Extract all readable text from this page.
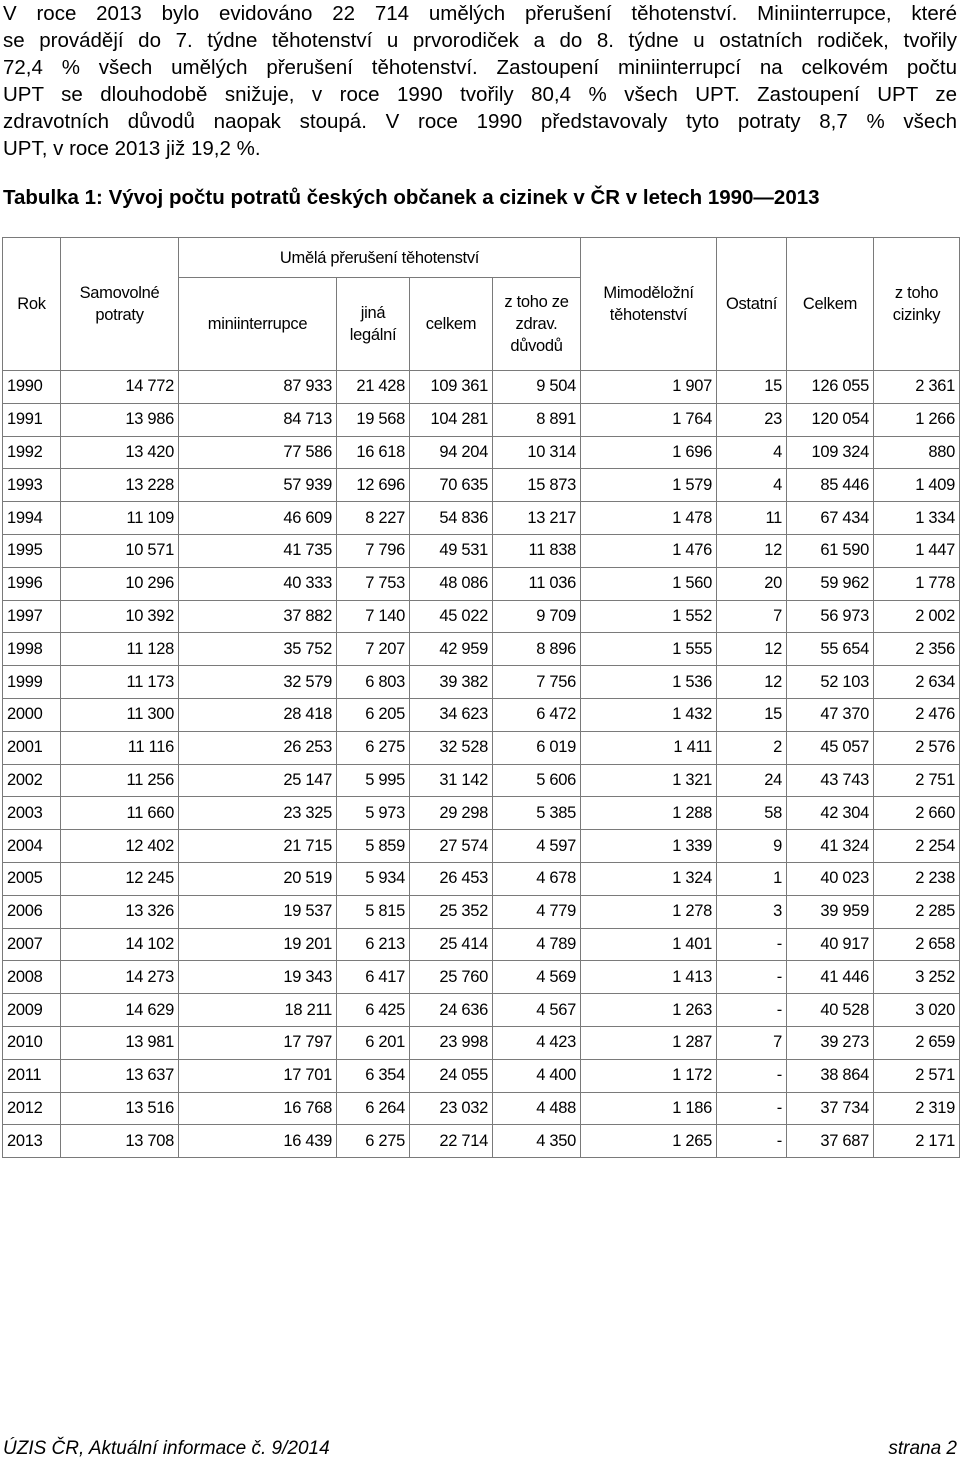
V roce 2013 bylo evidováno 22 714 umělých přerušení těhotenství. Miniinterrupce, které
se provádějí do 7. týdne těhotenství u prvorodiček a do 8. týdne u ostatních rodiček, tvořily
72,4 % všech umělých přerušení těhotenství. Zastoupení miniinterrupcí na celkovém počtu
UPT se dlouhodobě snižuje, v roce 1990 tvořily 80,4 % všech UPT. Zastoupení UPT ze
zdravotních důvodů naopak stoupá. V roce 1990 představovaly tyto potraty 8,7 % všech
UPT, v roce 2013 již 19,2 %.
Tabulka 1: Vývoj počtu potratů českých občanek a cizinek v ČR v letech 1990—2013
Rok	Samovolné potraty	Umělá přerušení těhotenství				Mimoděložní těhotenství	Ostatní	Celkem	z toho cizinky
		miniinterrupce	jiná legální	celkem	z toho ze zdrav. důvodů				
1990	14 772	87 933	21 428	109 361	9 504	1 907	15	126 055	2 361
1991	13 986	84 713	19 568	104 281	8 891	1 764	23	120 054	1 266
1992	13 420	77 586	16 618	94 204	10 314	1 696	4	109 324	880
1993	13 228	57 939	12 696	70 635	15 873	1 579	4	85 446	1 409
1994	11 109	46 609	8 227	54 836	13 217	1 478	11	67 434	1 334
1995	10 571	41 735	7 796	49 531	11 838	1 476	12	61 590	1 447
1996	10 296	40 333	7 753	48 086	11 036	1 560	20	59 962	1 778
1997	10 392	37 882	7 140	45 022	9 709	1 552	7	56 973	2 002
1998	11 128	35 752	7 207	42 959	8 896	1 555	12	55 654	2 356
1999	11 173	32 579	6 803	39 382	7 756	1 536	12	52 103	2 634
2000	11 300	28 418	6 205	34 623	6 472	1 432	15	47 370	2 476
2001	11 116	26 253	6 275	32 528	6 019	1 411	2	45 057	2 576
2002	11 256	25 147	5 995	31 142	5 606	1 321	24	43 743	2 751
2003	11 660	23 325	5 973	29 298	5 385	1 288	58	42 304	2 660
2004	12 402	21 715	5 859	27 574	4 597	1 339	9	41 324	2 254
2005	12 245	20 519	5 934	26 453	4 678	1 324	1	40 023	2 238
2006	13 326	19 537	5 815	25 352	4 779	1 278	3	39 959	2 285
2007	14 102	19 201	6 213	25 414	4 789	1 401	-	40 917	2 658
2008	14 273	19 343	6 417	25 760	4 569	1 413	-	41 446	3 252
2009	14 629	18 211	6 425	24 636	4 567	1 263	-	40 528	3 020
2010	13 981	17 797	6 201	23 998	4 423	1 287	7	39 273	2 659
2011	13 637	17 701	6 354	24 055	4 400	1 172	-	38 864	2 571
2012	13 516	16 768	6 264	23 032	4 488	1 186	-	37 734	2 319
2013	13 708	16 439	6 275	22 714	4 350	1 265	-	37 687	2 171
ÚZIS ČR, Aktuální informace č. 9/2014	strana 2
